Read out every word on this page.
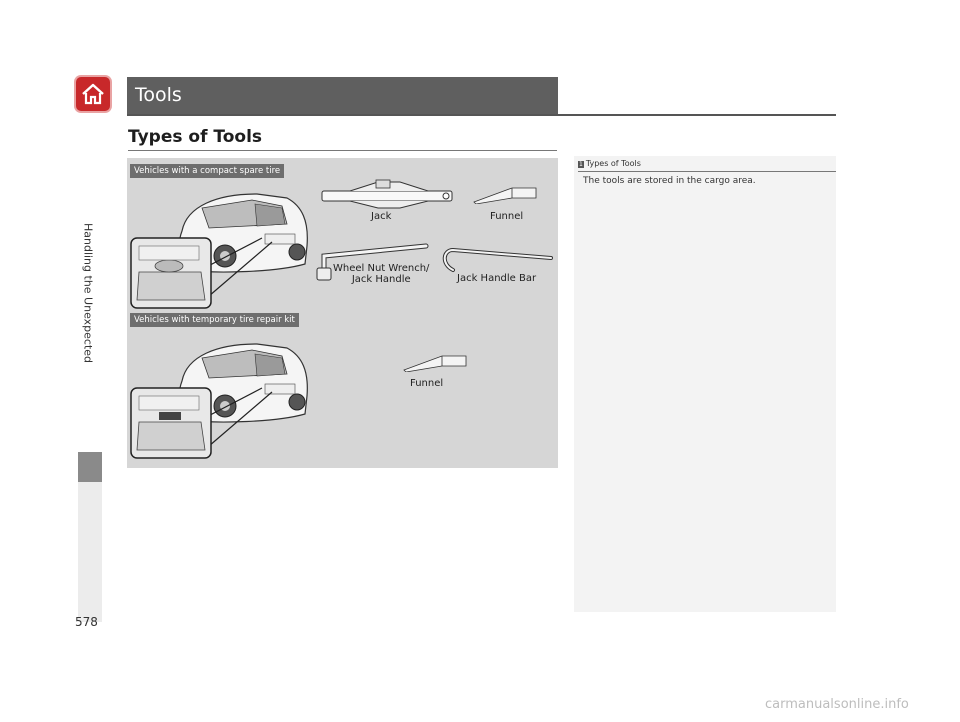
Handling the Unexpected
Tools
Types of Tools
Vehicles with a compact spare tire
Vehicles with temporary tire repair kit
Jack	Funnel
Wheel Nut Wrench/
Jack Handle	Jack Handle Bar
Funnel
1 Types of Tools
The tools are stored in the cargo area.
578
carmanualsonline.info
